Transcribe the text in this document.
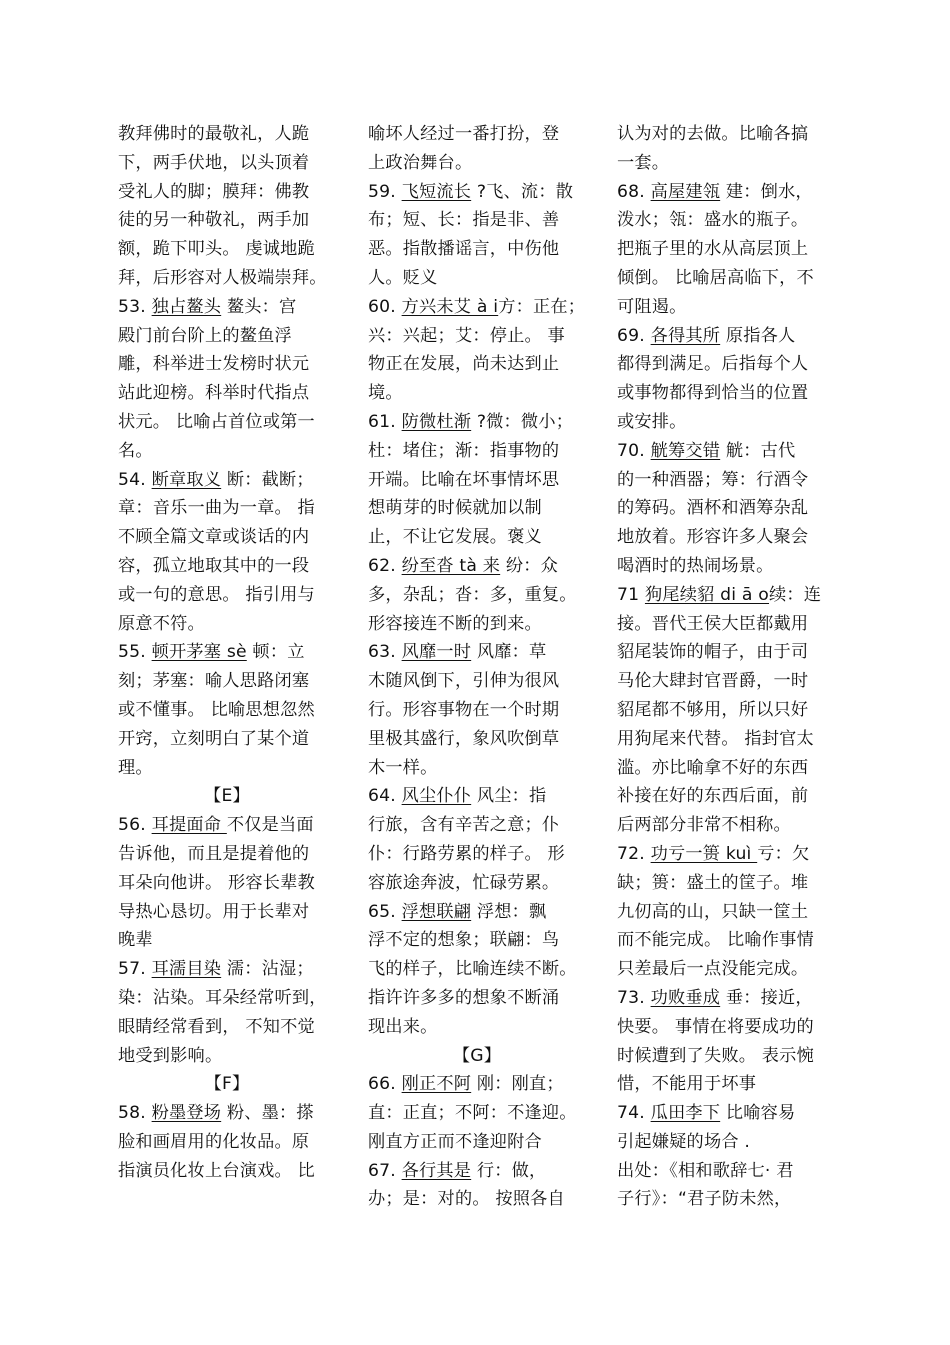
教拜佛时的最敬礼，人跪
下，两手伏地，以头顶着
受礼人的脚；膜拜：佛教
徒的另一种敬礼，两手加
额，跪下叩头。 虔诚地跪
拜，后形容对人极端崇拜。
53. 独占鳌头 鳌头：宫
殿门前台阶上的鳌鱼浮
雕，科举进士发榜时状元
站此迎榜。科举时代指点
状元。 比喻占首位或第一
名。
54. 断章取义 断：截断；
章：音乐一曲为一章。 指
不顾全篇文章或谈话的内
容，孤立地取其中的一段
或一句的意思。 指引用与
原意不符。
55. 顿开茅塞 sè 顿：立
刻；茅塞：喻人思路闭塞
或不懂事。 比喻思想忽然
开窍，立刻明白了某个道
理。
【E】
56. 耳提面命 不仅是当面
告诉他，而且是提着他的
耳朵向他讲。 形容长辈教
导热心恳切。用于长辈对
晚辈
57. 耳濡目染 濡：沾湿；
染：沾染。耳朵经常听到，
眼睛经常看到， 不知不觉
地受到影响。
【F】
58. 粉墨登场 粉、墨：搽
脸和画眉用的化妆品。原
指演员化妆上台演戏。 比
喻坏人经过一番打扮，登
上政治舞台。
59. 飞短流长 ?飞、流：散
布；短、长：指是非、善
恶。指散播谣言，中伤他
人。贬义
60. 方兴未艾 à i方：正在；
兴：兴起；艾：停止。 事
物正在发展，尚未达到止
境。
61. 防微杜渐 ?微：微小；
杜：堵住；渐：指事物的
开端。比喻在坏事情坏思
想萌芽的时候就加以制
止，不让它发展。褒义
62. 纷至沓 tà 来 纷：众
多，杂乱；沓：多，重复。
形容接连不断的到来。
63. 风靡一时 风靡：草
木随风倒下，引伸为很风
行。形容事物在一个时期
里极其盛行，象风吹倒草
木一样。
64. 风尘仆仆 风尘：指
行旅，含有辛苦之意；仆
仆：行路劳累的样子。 形
容旅途奔波，忙碌劳累。
65. 浮想联翩 浮想：飘
浮不定的想象；联翩：鸟
飞的样子，比喻连续不断。
指许许多多的想象不断涌
现出来。
【G】
66. 刚正不阿 刚：刚直；
直：正直；不阿：不逢迎。
刚直方正而不逢迎附合
67. 各行其是 行：做，
办；是：对的。 按照各自
认为对的去做。比喻各搞
一套。
68. 高屋建瓴 建：倒水，
泼水；瓴：盛水的瓶子。
把瓶子里的水从高层顶上
倾倒。 比喻居高临下，不
可阻遏。
69. 各得其所 原指各人
都得到满足。后指每个人
或事物都得到恰当的位置
或安排。
70. 觥筹交错 觥：古代
的一种酒器；筹：行酒令
的筹码。酒杯和酒筹杂乱
地放着。形容许多人聚会
喝酒时的热闹场景。
71 狗尾续貂 di ā o续：连
接。晋代王侯大臣都戴用
貂尾装饰的帽子，由于司
马伦大肆封官晋爵，一时
貂尾都不够用，所以只好
用狗尾来代替。 指封官太
滥。亦比喻拿不好的东西
补接在好的东西后面，前
后两部分非常不相称。
72. 功亏一篑 kuì 亏：欠
缺；篑：盛土的筐子。堆
九仞高的山，只缺一筐土
而不能完成。 比喻作事情
只差最后一点没能完成。
73. 功败垂成 垂：接近，
快要。 事情在将要成功的
时候遭到了失败。 表示惋
惜，不能用于坏事
74. 瓜田李下 比喻容易
引起嫌疑的场合 .
出处：《相和歌辞七· 君
子行》：“君子防未然，
